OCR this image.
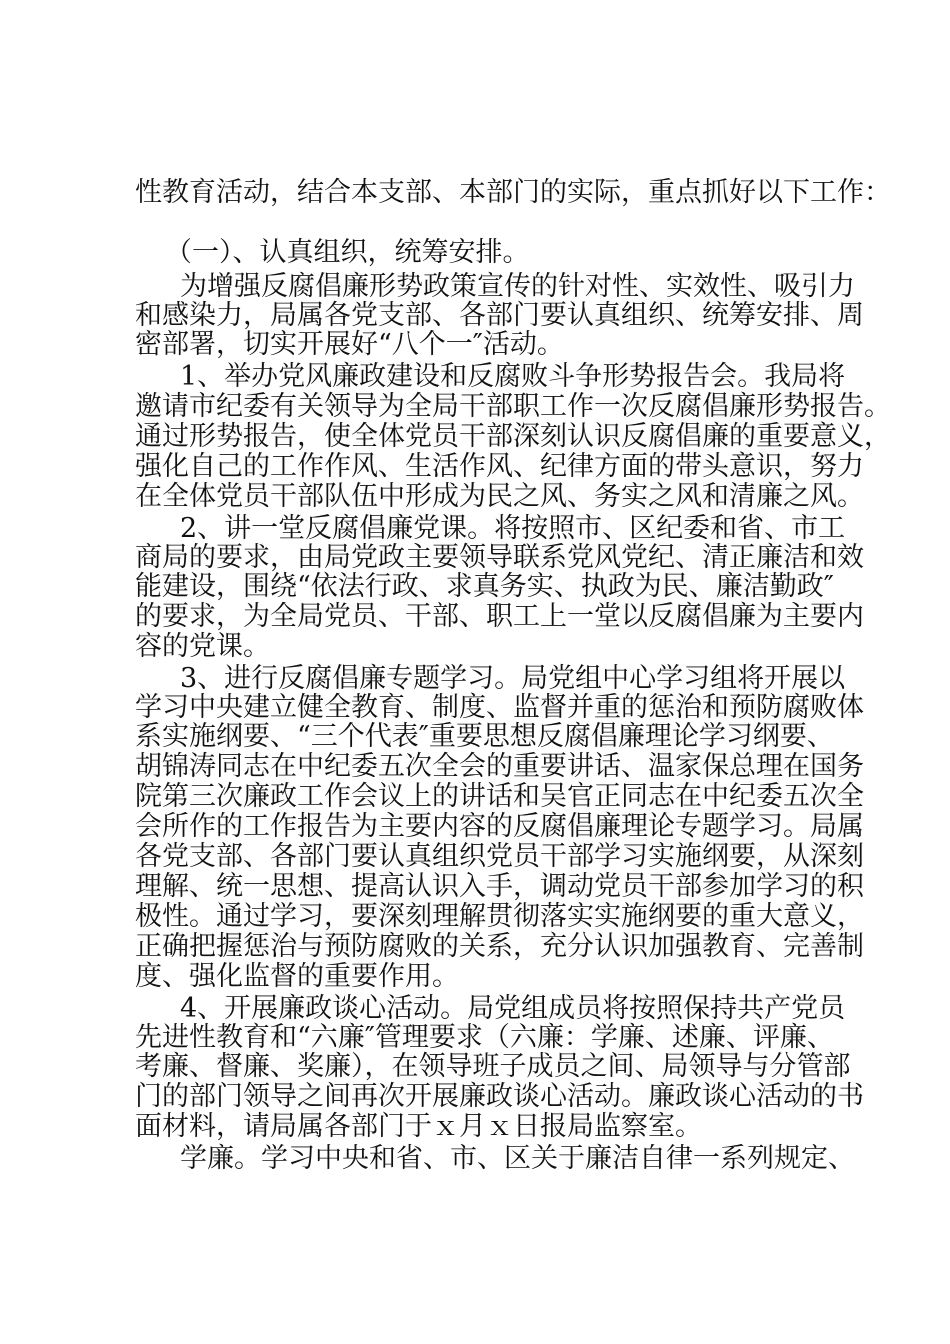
性教育活动，结合本支部、本部门的实际，重点抓好以下工作：
（一）、认真组织，统筹安排。
为增强反腐倡廉形势政策宣传的针对性、实效性、吸引力
和感染力，局属各党支部、各部门要认真组织、统筹安排、周
密部署，切实开展好“八个一″活动。
1、举办党风廉政建设和反腐败斗争形势报告会。我局将
邀请市纪委有关领导为全局干部职工作一次反腐倡廉形势报告。
通过形势报告，使全体党员干部深刻认识反腐倡廉的重要意义，
强化自己的工作作风、生活作风、纪律方面的带头意识，努力
在全体党员干部队伍中形成为民之风、务实之风和清廉之风。
2、讲一堂反腐倡廉党课。将按照市、区纪委和省、市工
商局的要求，由局党政主要领导联系党风党纪、清正廉洁和效
能建设，围绕“依法行政、求真务实、执政为民、廉洁勤政″
的要求，为全局党员、干部、职工上一堂以反腐倡廉为主要内
容的党课。
3、进行反腐倡廉专题学习。局党组中心学习组将开展以
学习中央建立健全教育、制度、监督并重的惩治和预防腐败体
系实施纲要、“三个代表″重要思想反腐倡廉理论学习纲要、
胡锦涛同志在中纪委五次全会的重要讲话、温家保总理在国务
院第三次廉政工作会议上的讲话和吴官正同志在中纪委五次全
会所作的工作报告为主要内容的反腐倡廉理论专题学习。局属
各党支部、各部门要认真组织党员干部学习实施纲要，从深刻
理解、统一思想、提高认识入手，调动党员干部参加学习的积
极性。通过学习，要深刻理解贯彻落实实施纲要的重大意义，
正确把握惩治与预防腐败的关系，充分认识加强教育、完善制
度、强化监督的重要作用。
4、开展廉政谈心活动。局党组成员将按照保持共产党员
先进性教育和“六廉″管理要求（六廉：学廉、述廉、评廉、
考廉、督廉、奖廉），在领导班子成员之间、局领导与分管部
门的部门领导之间再次开展廉政谈心活动。廉政谈心活动的书
面材料，请局属各部门于ｘ月ｘ日报局监察室。
学廉。学习中央和省、市、区关于廉洁自律一系列规定、
